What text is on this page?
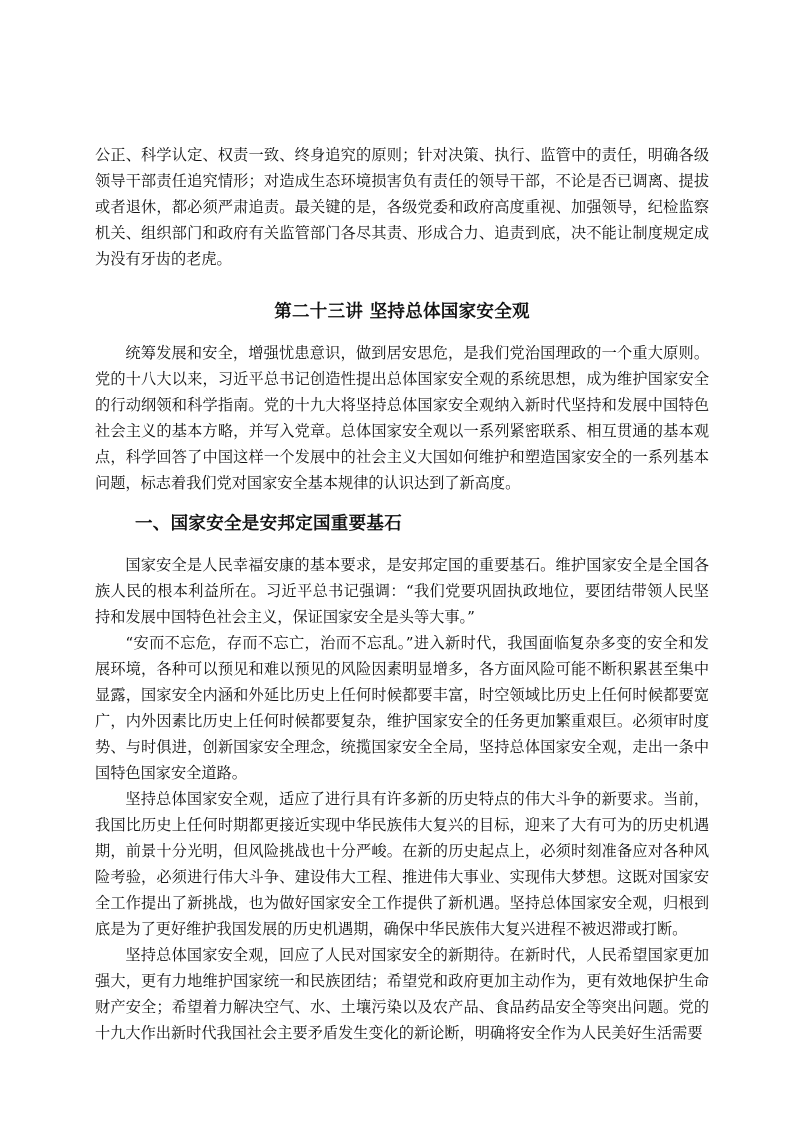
公正、科学认定、权责一致、终身追究的原则；针对决策、执行、监管中的责任，明确各级领导干部责任追究情形；对造成生态环境损害负有责任的领导干部，不论是否已调离、提拔或者退休，都必须严肃追责。最关键的是，各级党委和政府高度重视、加强领导，纪检监察机关、组织部门和政府有关监管部门各尽其责、形成合力、追责到底，决不能让制度规定成为没有牙齿的老虎。

第二十三讲 坚持总体国家安全观

统筹发展和安全，增强忧患意识，做到居安思危，是我们党治国理政的一个重大原则。党的十八大以来，习近平总书记创造性提出总体国家安全观的系统思想，成为维护国家安全的行动纲领和科学指南。党的十九大将坚持总体国家安全观纳入新时代坚持和发展中国特色社会主义的基本方略，并写入党章。总体国家安全观以一系列紧密联系、相互贯通的基本观点，科学回答了中国这样一个发展中的社会主义大国如何维护和塑造国家安全的一系列基本问题，标志着我们党对国家安全基本规律的认识达到了新高度。

一、国家安全是安邦定国重要基石

国家安全是人民幸福安康的基本要求，是安邦定国的重要基石。维护国家安全是全国各族人民的根本利益所在。习近平总书记强调：“我们党要巩固执政地位，要团结带领人民坚持和发展中国特色社会主义，保证国家安全是头等大事。”

“安而不忘危，存而不忘亡，治而不忘乱。”进入新时代，我国面临复杂多变的安全和发展环境，各种可以预见和难以预见的风险因素明显增多，各方面风险可能不断积累甚至集中显露，国家安全内涵和外延比历史上任何时候都要丰富，时空领域比历史上任何时候都要宽广，内外因素比历史上任何时候都要复杂，维护国家安全的任务更加繁重艰巨。必须审时度势、与时俱进，创新国家安全理念，统揽国家安全全局，坚持总体国家安全观，走出一条中国特色国家安全道路。

坚持总体国家安全观，适应了进行具有许多新的历史特点的伟大斗争的新要求。当前，我国比历史上任何时期都更接近实现中华民族伟大复兴的目标，迎来了大有可为的历史机遇期，前景十分光明，但风险挑战也十分严峻。在新的历史起点上，必须时刻准备应对各种风险考验，必须进行伟大斗争、建设伟大工程、推进伟大事业、实现伟大梦想。这既对国家安全工作提出了新挑战，也为做好国家安全工作提供了新机遇。坚持总体国家安全观，归根到底是为了更好维护我国发展的历史机遇期，确保中华民族伟大复兴进程不被迟滞或打断。

坚持总体国家安全观，回应了人民对国家安全的新期待。在新时代，人民希望国家更加强大，更有力地维护国家统一和民族团结；希望党和政府更加主动作为，更有效地保护生命财产安全；希望着力解决空气、水、土壤污染以及农产品、食品药品安全等突出问题。党的十九大作出新时代我国社会主要矛盾发生变化的新论断，明确将安全作为人民美好生活需要
